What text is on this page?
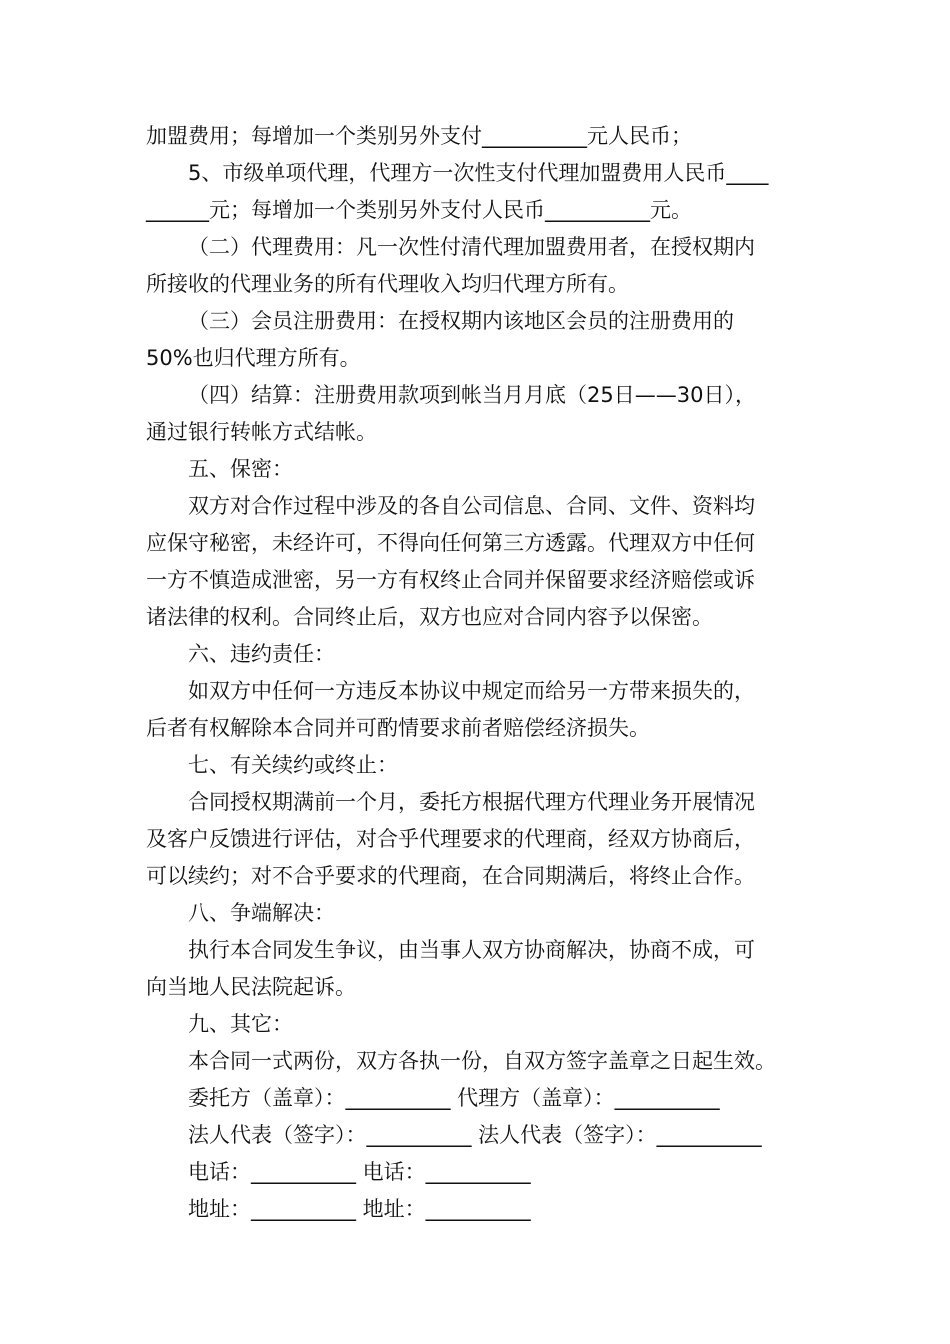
加盟费用；每增加一个类别另外支付__________元人民币；

5、市级单项代理，代理方一次性支付代理加盟费用人民币____

______元；每增加一个类别另外支付人民币__________元。

（二）代理费用：凡一次性付清代理加盟费用者，在授权期内

所接收的代理业务的所有代理收入均归代理方所有。

（三）会员注册费用：在授权期内该地区会员的注册费用的

50%也归代理方所有。

（四）结算：注册费用款项到帐当月月底（25日——30日），

通过银行转帐方式结帐。

五、保密：

双方对合作过程中涉及的各自公司信息、合同、文件、资料均

应保守秘密，未经许可，不得向任何第三方透露。代理双方中任何

一方不慎造成泄密，另一方有权终止合同并保留要求经济赔偿或诉

诸法律的权利。合同终止后，双方也应对合同内容予以保密。

六、违约责任：

如双方中任何一方违反本协议中规定而给另一方带来损失的，

后者有权解除本合同并可酌情要求前者赔偿经济损失。

七、有关续约或终止：

合同授权期满前一个月，委托方根据代理方代理业务开展情况

及客户反馈进行评估，对合乎代理要求的代理商，经双方协商后，

可以续约；对不合乎要求的代理商，在合同期满后，将终止合作。

八、争端解决：

执行本合同发生争议，由当事人双方协商解决，协商不成，可

向当地人民法院起诉。

九、其它：

本合同一式两份，双方各执一份，自双方签字盖章之日起生效。

委托方（盖章）：__________ 代理方（盖章）：__________

法人代表（签字）：__________ 法人代表（签字）：__________

电话：__________ 电话：__________

地址：__________ 地址：__________
